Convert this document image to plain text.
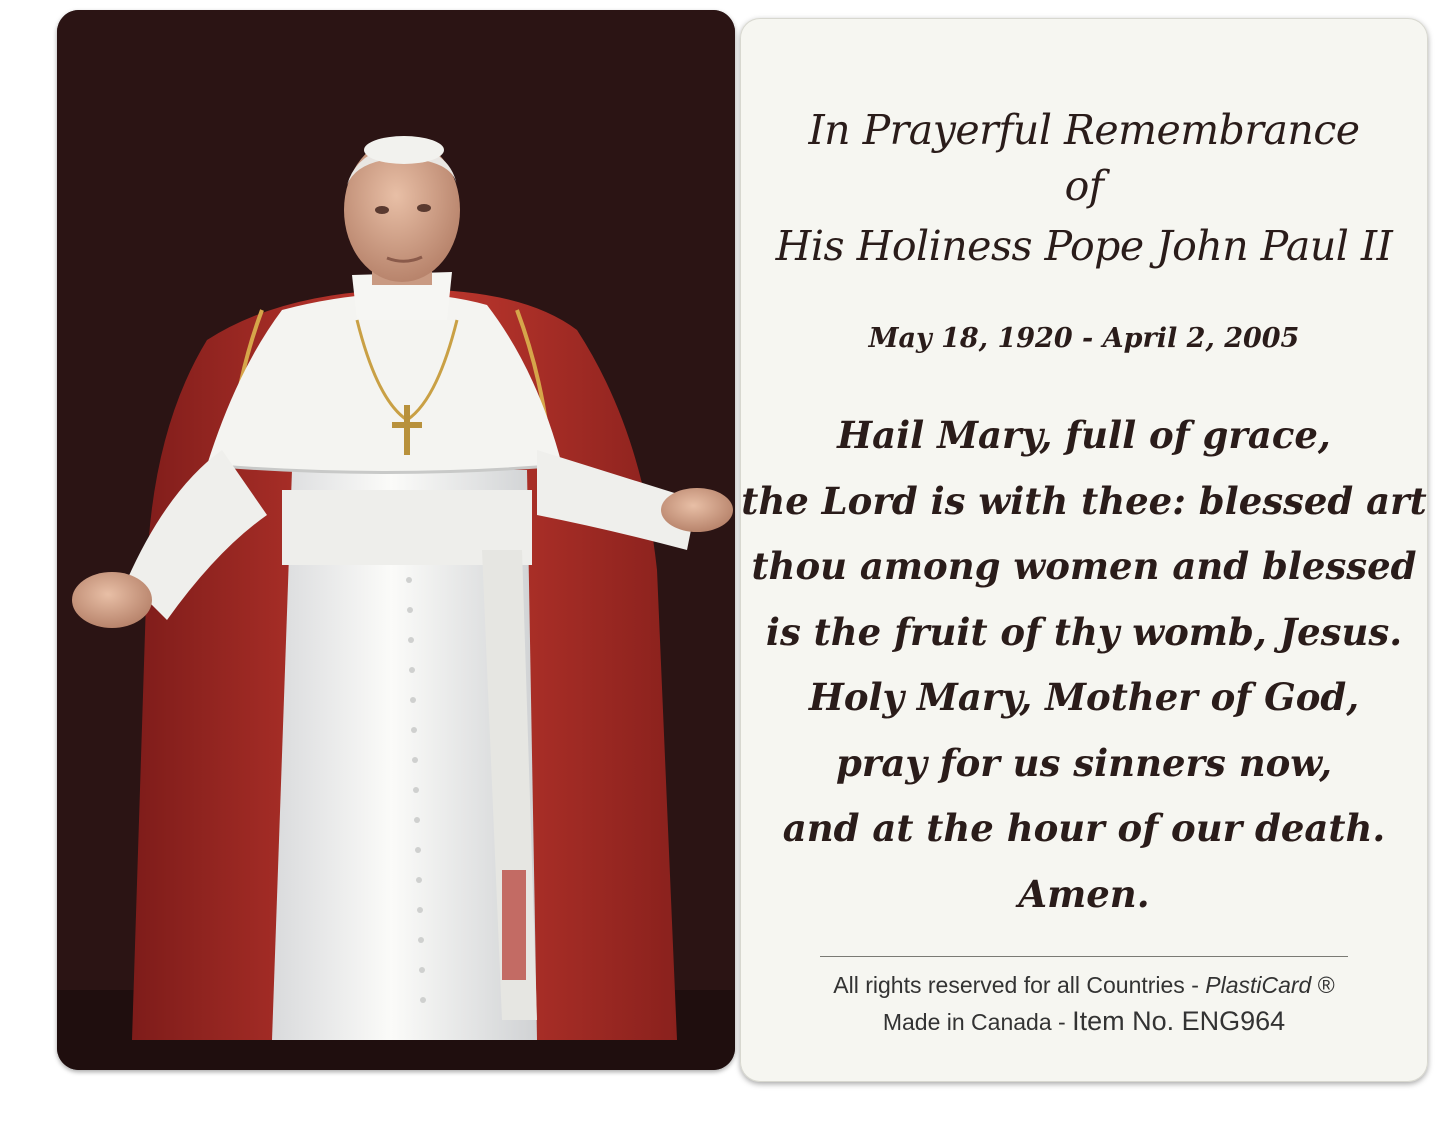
In Prayerful Remembrance
of
His Holiness Pope John Paul II
May 18, 1920 - April 2, 2005
Hail Mary, full of grace,
the Lord is with thee: blessed art
thou among women and blessed
is the fruit of thy womb, Jesus.
Holy Mary, Mother of God,
pray for us sinners now,
and at the hour of our death.
Amen.
All rights reserved for all Countries - PlastiCard ®
Made in Canada - Item No. ENG964
